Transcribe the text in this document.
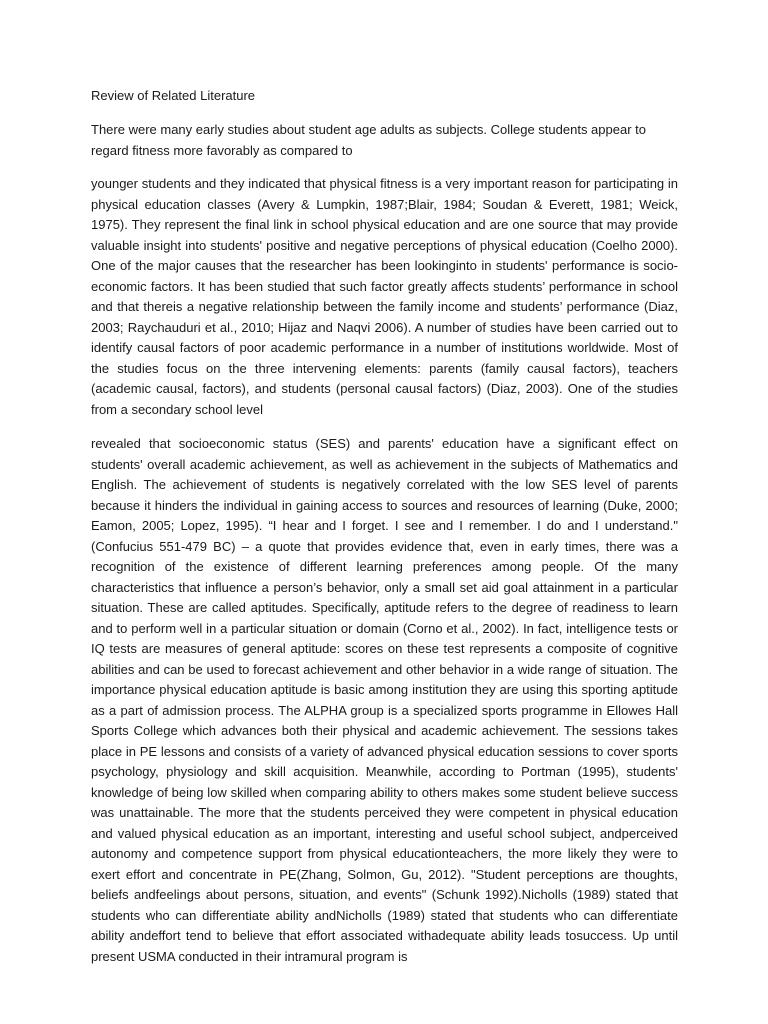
Review of Related Literature

There were many early studies about student age adults as subjects. College students appear to regard fitness more favorably as compared to

younger students and they indicated that physical fitness is a very important reason for participating in physical education classes (Avery & Lumpkin, 1987;Blair, 1984; Soudan & Everett, 1981; Weick, 1975). They represent the final link in school physical education and are one source that may provide valuable insight into students' positive and negative perceptions of physical education (Coelho 2000). One of the major causes that the researcher has been lookinginto in students' performance is socio-economic factors. It has been studied that such factor greatly affects students’ performance in school and that thereis a negative relationship between the family income and students’ performance (Diaz, 2003; Raychauduri et al., 2010; Hijaz and Naqvi 2006). A number of studies have been carried out to identify causal factors of poor academic performance in a number of institutions worldwide. Most of the studies focus on the three intervening elements: parents (family causal factors), teachers (academic causal, factors), and students (personal causal factors) (Diaz, 2003). One of the studies from a secondary school level

revealed that socioeconomic status (SES) and parents' education have a significant effect on students' overall academic achievement, as well as achievement in the subjects of Mathematics and English. The achievement of students is negatively correlated with the low SES level of parents because it hinders the individual in gaining access to sources and resources of learning (Duke, 2000; Eamon, 2005; Lopez, 1995). “I hear and I forget. I see and I remember. I do and I understand." (Confucius 551-479 BC) – a quote that provides evidence that, even in early times, there was a recognition of the existence of different learning preferences among people. Of the many characteristics that influence a person’s behavior, only a small set aid goal attainment in a particular situation. These are called aptitudes. Specifically, aptitude refers to the degree of readiness to learn and to perform well in a particular situation or domain (Corno et al., 2002). In fact, intelligence tests or IQ tests are measures of general aptitude: scores on these test represents a composite of cognitive abilities and can be used to forecast achievement and other behavior in a wide range of situation. The importance physical education aptitude is basic among institution they are using this sporting aptitude as a part of admission process. The ALPHA group is a specialized sports programme in Ellowes Hall Sports College which advances both their physical and academic achievement. The sessions takes place in PE lessons and consists of a variety of advanced physical education sessions to cover sports psychology, physiology and skill acquisition. Meanwhile, according to Portman (1995), students' knowledge of being low skilled when comparing ability to others makes some student believe success was unattainable. The more that the students perceived they were competent in physical education and valued physical education as an important, interesting and useful school subject, andperceived autonomy and competence support from physical educationteachers, the more likely they were to exert effort and concentrate in PE(Zhang, Solmon, Gu, 2012). "Student perceptions are thoughts, beliefs andfeelings about persons, situation, and events" (Schunk 1992).Nicholls (1989) stated that students who can differentiate ability andNicholls (1989) stated that students who can differentiate ability andeffort tend to believe that effort associated withadequate ability leads tosuccess. Up until present USMA conducted in their intramural program is
